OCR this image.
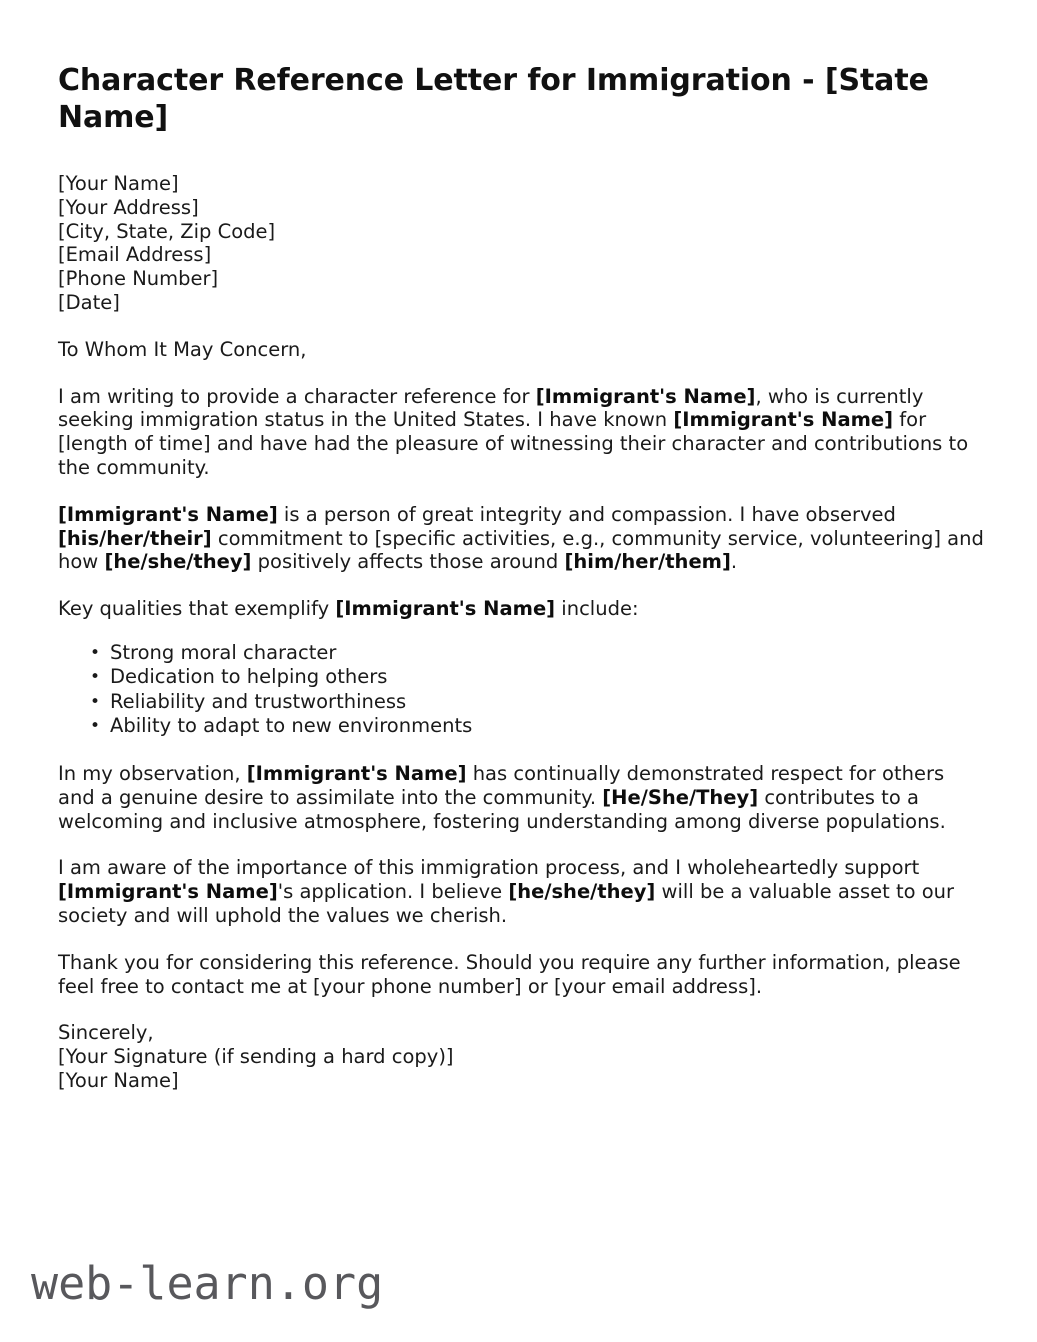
Character Reference Letter for Immigration - [State Name]
[Your Name]
[Your Address]
[City, State, Zip Code]
[Email Address]
[Phone Number]
[Date]
To Whom It May Concern,

I am writing to provide a character reference for [Immigrant's Name], who is currently seeking immigration status in the United States. I have known [Immigrant's Name] for [length of time] and have had the pleasure of witnessing their character and contributions to the community.

[Immigrant's Name] is a person of great integrity and compassion. I have observed [his/her/their] commitment to [specific activities, e.g., community service, volunteering] and how [he/she/they] positively affects those around [him/her/them].

Key qualities that exemplify [Immigrant's Name] include:

• Strong moral character
• Dedication to helping others
• Reliability and trustworthiness
• Ability to adapt to new environments

In my observation, [Immigrant's Name] has continually demonstrated respect for others and a genuine desire to assimilate into the community. [He/She/They] contributes to a welcoming and inclusive atmosphere, fostering understanding among diverse populations.

I am aware of the importance of this immigration process, and I wholeheartedly support [Immigrant's Name]'s application. I believe [he/she/they] will be a valuable asset to our society and will uphold the values we cherish.

Thank you for considering this reference. Should you require any further information, please feel free to contact me at [your phone number] or [your email address].

Sincerely,
[Your Signature (if sending a hard copy)]
[Your Name]
web-learn.org
